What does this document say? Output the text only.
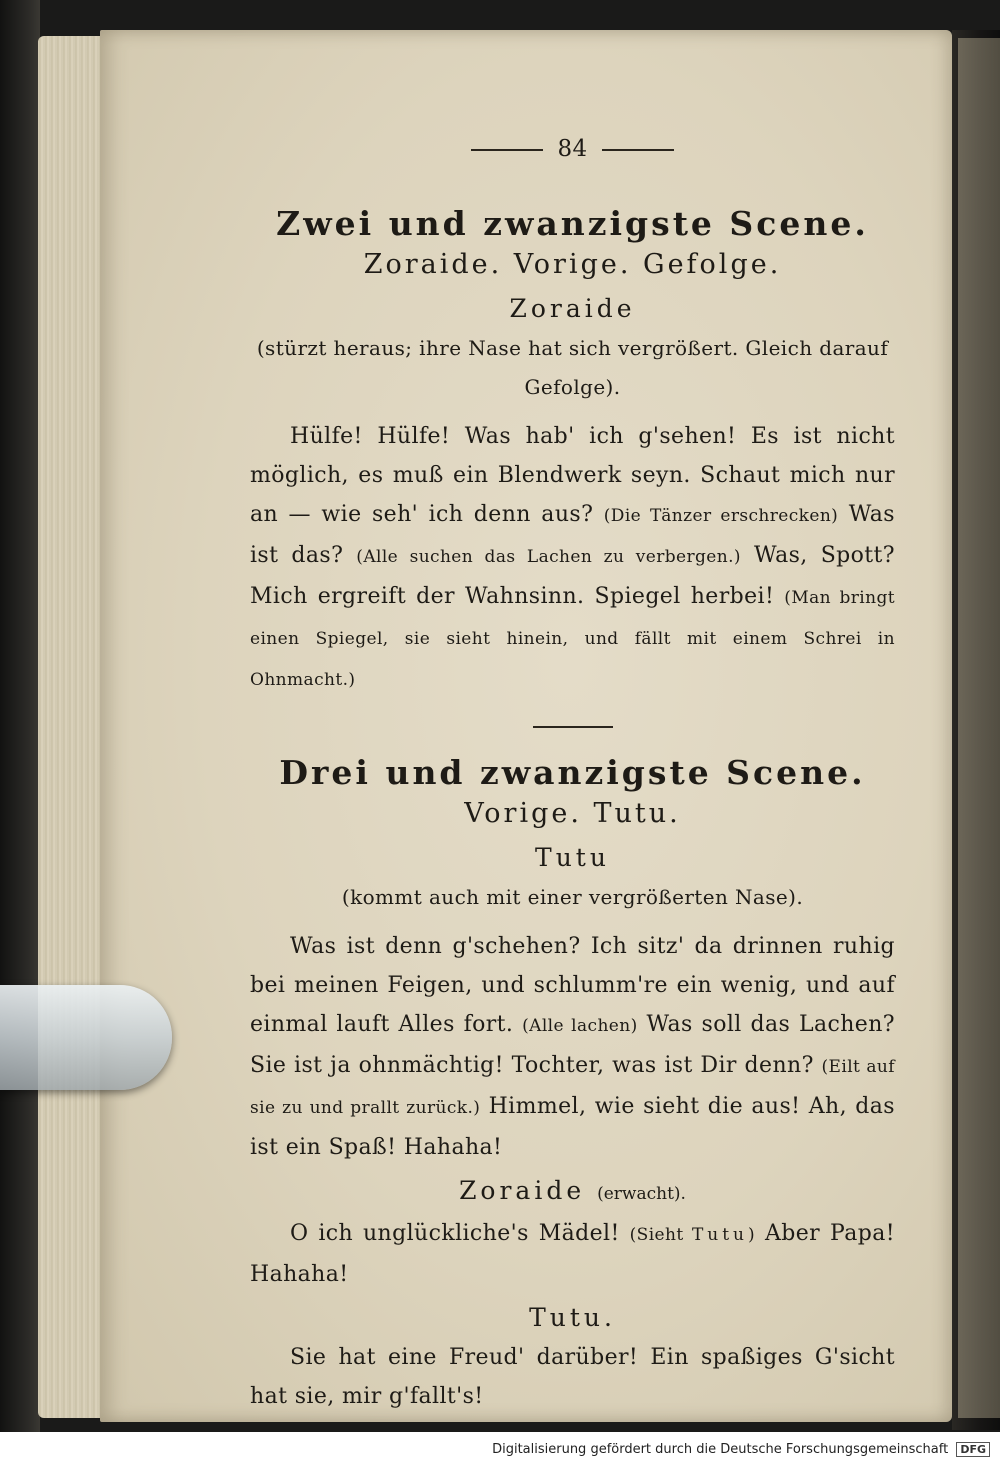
84
Zwei und zwanzigste Scene.
Zoraide. Vorige. Gefolge.
Zoraide
(stürzt heraus; ihre Nase hat sich vergrößert. Gleich darauf Gefolge).
Hülfe! Hülfe! Was hab' ich g'sehen! Es ist nicht möglich, es muß ein Blendwerk seyn. Schaut mich nur an — wie seh' ich denn aus? (Die Tänzer erschrecken) Was ist das? (Alle suchen das Lachen zu verbergen.) Was, Spott? Mich ergreift der Wahnsinn. Spiegel herbei! (Man bringt einen Spiegel, sie sieht hinein, und fällt mit einem Schrei in Ohnmacht.)
Drei und zwanzigste Scene.
Vorige. Tutu.
Tutu
(kommt auch mit einer vergrößerten Nase).
Was ist denn g'schehen? Ich sitz' da drinnen ruhig bei meinen Feigen, und schlumm're ein wenig, und auf einmal lauft Alles fort. (Alle lachen) Was soll das Lachen? Sie ist ja ohnmächtig! Tochter, was ist Dir denn? (Eilt auf sie zu und prallt zurück.) Himmel, wie sieht die aus! Ah, das ist ein Spaß! Hahaha!
Zoraide (erwacht).
O ich unglückliche's Mädel! (Sieht Tutu) Aber Papa! Hahaha!
Tutu.
Sie hat eine Freud' darüber! Ein spaßiges G'sicht hat sie, mir g'fallt's!
Digitalisierung gefördert durch die Deutsche Forschungsgemeinschaft DFG
